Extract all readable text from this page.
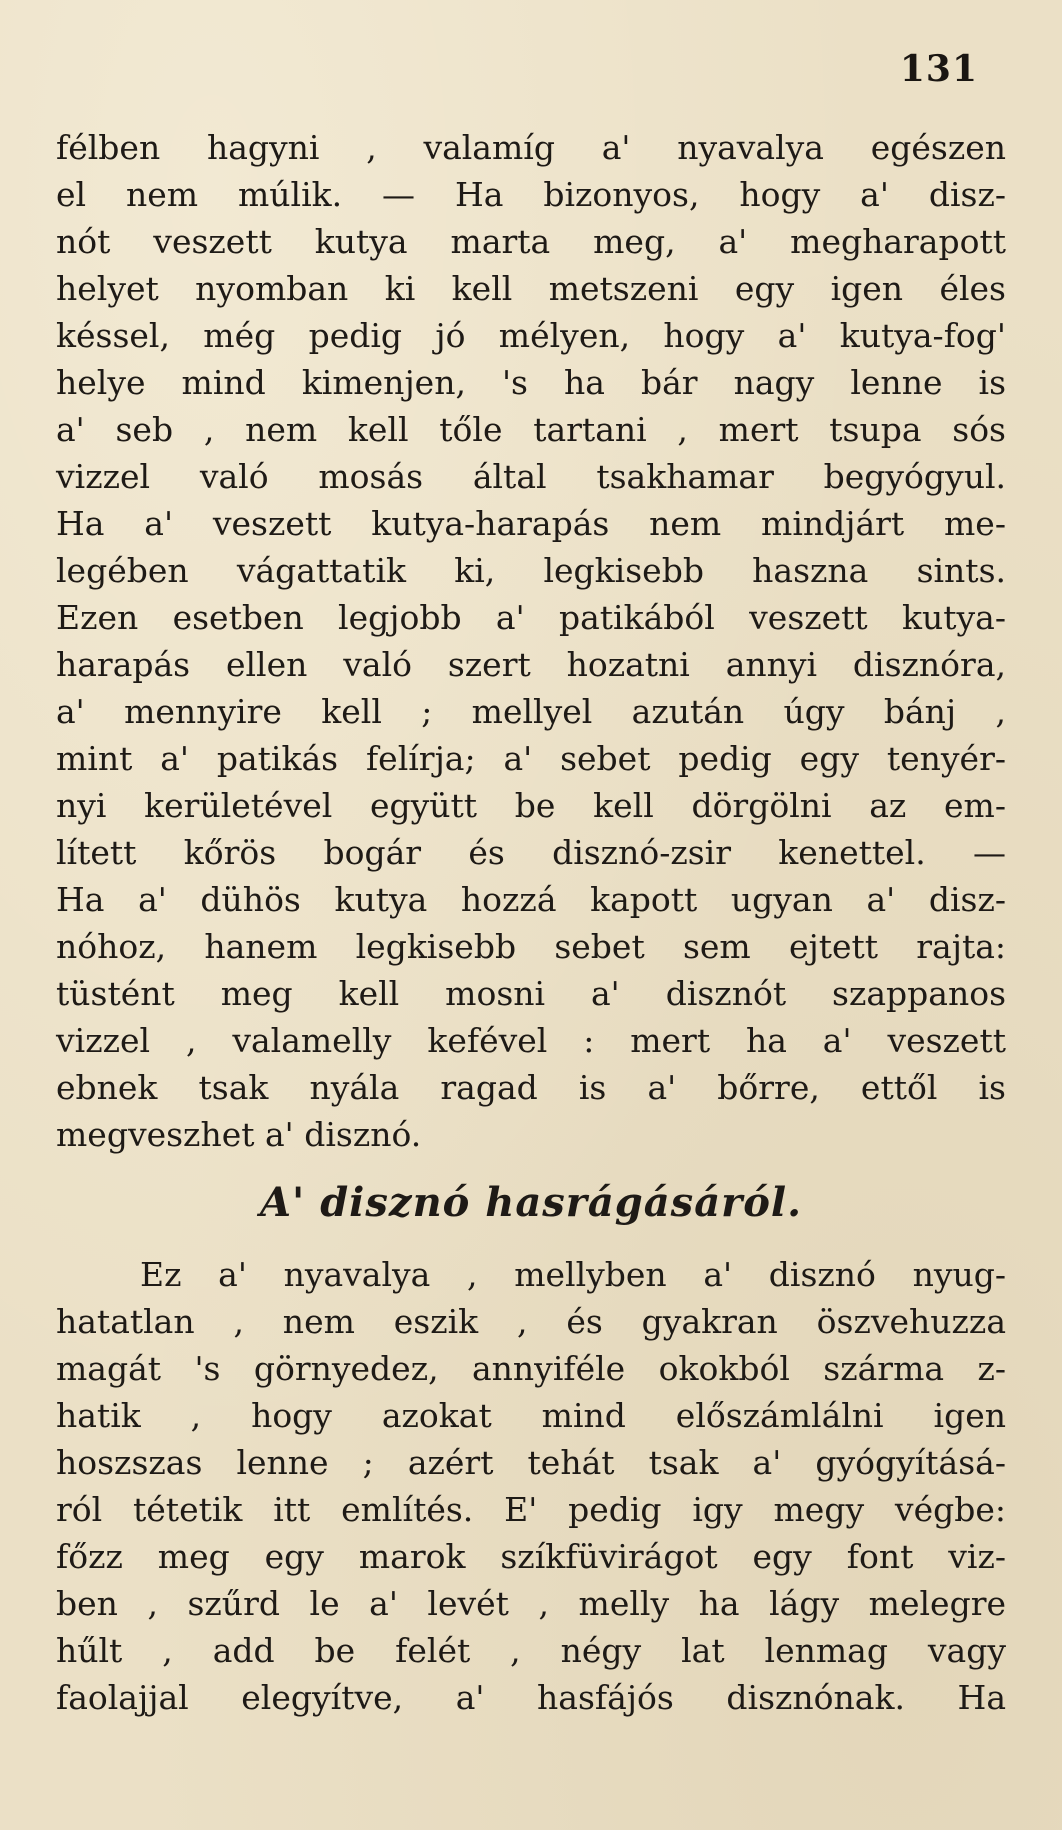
131
félben hagyni , valamíg a' nyavalya egészen
el nem múlik. — Ha bizonyos, hogy a' disz-
nót veszett kutya marta meg, a' megharapott
helyet nyomban ki kell metszeni egy igen éles
késsel, még pedig jó mélyen, hogy a' kutya-fog'
helye mind kimenjen, 's ha bár nagy lenne is
a' seb , nem kell tőle tartani , mert tsupa sós
vizzel való mosás által tsakhamar begyógyul.
Ha a' veszett kutya-harapás nem mindjárt me-
legében vágattatik ki, legkisebb haszna sints.
Ezen esetben legjobb a' patikából veszett kutya-
harapás ellen való szert hozatni annyi disznóra,
a' mennyire kell ; mellyel azután úgy bánj ,
mint a' patikás felírja; a' sebet pedig egy tenyér-
nyi kerületével együtt be kell dörgölni az em-
lített kőrös bogár és disznó-zsir kenettel. —
Ha a' dühös kutya hozzá kapott ugyan a' disz-
nóhoz, hanem legkisebb sebet sem ejtett rajta:
tüstént meg kell mosni a' disznót szappanos
vizzel , valamelly kefével : mert ha a' veszett
ebnek tsak nyála ragad is a' bőrre, ettől is
megveszhet a' disznó.
A' disznó hasrágásáról.
Ez a' nyavalya , mellyben a' disznó nyug-
hatatlan , nem eszik , és gyakran öszvehuzza
magát 's görnyedez, annyiféle okokból szárma z-
hatik , hogy azokat mind előszámlálni igen
hoszszas lenne ; azért tehát tsak a' gyógyításá-
ról tétetik itt említés. E' pedig igy megy végbe:
főzz meg egy marok szíkfüvirágot egy font viz-
ben , szűrd le a' levét , melly ha lágy melegre
hűlt , add be felét , négy lat lenmag vagy
faolajjal elegyítve, a' hasfájós disznónak. Ha
